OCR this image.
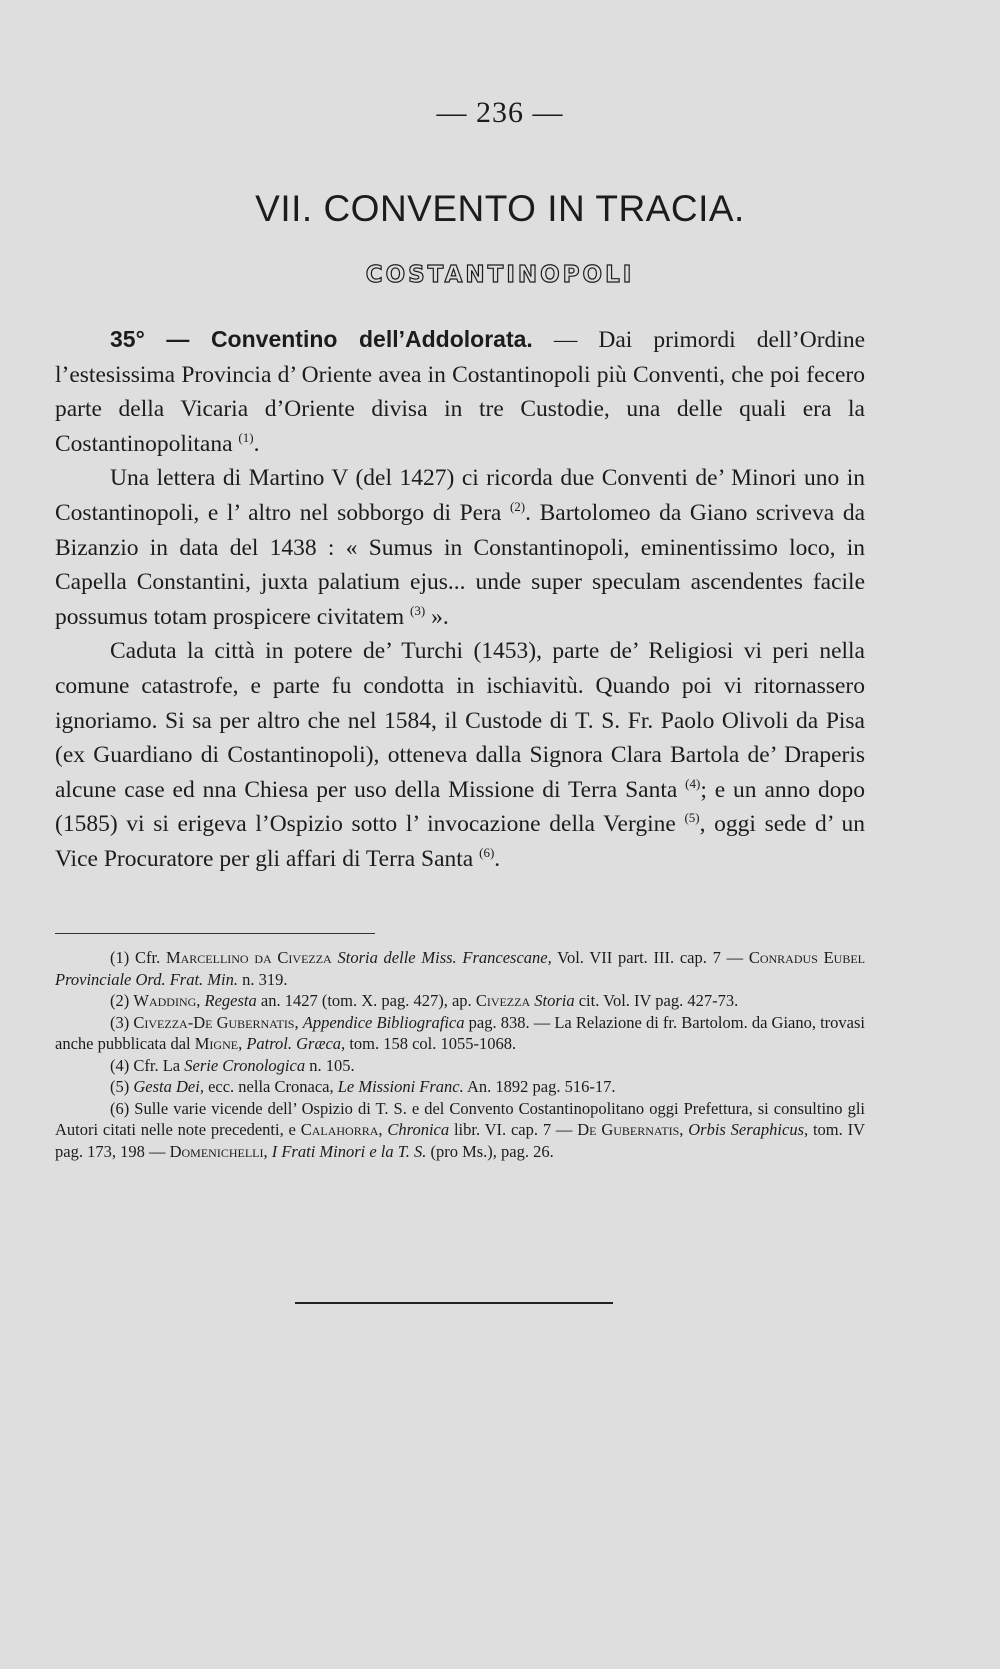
— 236 —
VII. CONVENTO IN TRACIA.
COSTANTINOPOLI

35° — Conventino dell’Addolorata. — Dai primordi dell’Ordine l’estesissima Provincia d’ Oriente avea in Costantinopoli più Conventi, che poi fecero parte della Vicaria d’Oriente divisa in tre Custodie, una delle quali era la Costantinopolitana $^{(1)}$.

Una lettera di Martino V (del 1427) ci ricorda due Conventi de’ Minori uno in Costantinopoli, e l’ altro nel sobborgo di Pera $^{(2)}$. Bartolomeo da Giano scriveva da Bizanzio in data del 1438 : « Sumus in Constantinopoli, eminentissimo loco, in Capella Constantini, juxta palatium ejus... unde super speculam ascendentes facile possumus totam prospicere civitatem $^{(3)}$ ».

Caduta la città in potere de’ Turchi (1453), parte de’ Religiosi vi peri nella comune catastrofe, e parte fu condotta in ischiavitù. Quando poi vi ritornassero ignoriamo. Si sa per altro che nel 1584, il Custode di T. S. Fr. Paolo Olivoli da Pisa (ex Guardiano di Costantinopoli), otteneva dalla Signora Clara Bartola de’ Draperis alcune case ed nna Chiesa per uso della Missione di Terra Santa $^{(4)}$; e un anno dopo (1585) vi si erigeva l’Ospizio sotto l’ invocazione della Vergine $^{(5)}$, oggi sede d’ un Vice Procuratore per gli affari di Terra Santa $^{(6)}$.

(1) Cfr. Marcellino da Civezza Storia delle Miss. Francescane, Vol. VII part. III. cap. 7 — Conradus Eubel Provinciale Ord. Frat. Min. n. 319.

(2) Wadding, Regesta an. 1427 (tom. X. pag. 427), ap. Civezza Storia cit. Vol. IV pag. 427-73.

(3) Civezza-De Gubernatis, Appendice Bibliografica pag. 838. — La Relazione di fr. Bartolom. da Giano, trovasi anche pubblicata dal Migne, Patrol. Græca, tom. 158 col. 1055-1068.

(4) Cfr. La Serie Cronologica n. 105.

(5) Gesta Dei, ecc. nella Cronaca, Le Missioni Franc. An. 1892 pag. 516-17.

(6) Sulle varie vicende dell’ Ospizio di T. S. e del Convento Costantinopolitano oggi Prefettura, si consultino gli Autori citati nelle note precedenti, e Calahorra, Chronica libr. VI. cap. 7 — De Gubernatis, Orbis Seraphicus, tom. IV pag. 173, 198 — Domenichelli, I Frati Minori e la T. S. (pro Ms.), pag. 26.
